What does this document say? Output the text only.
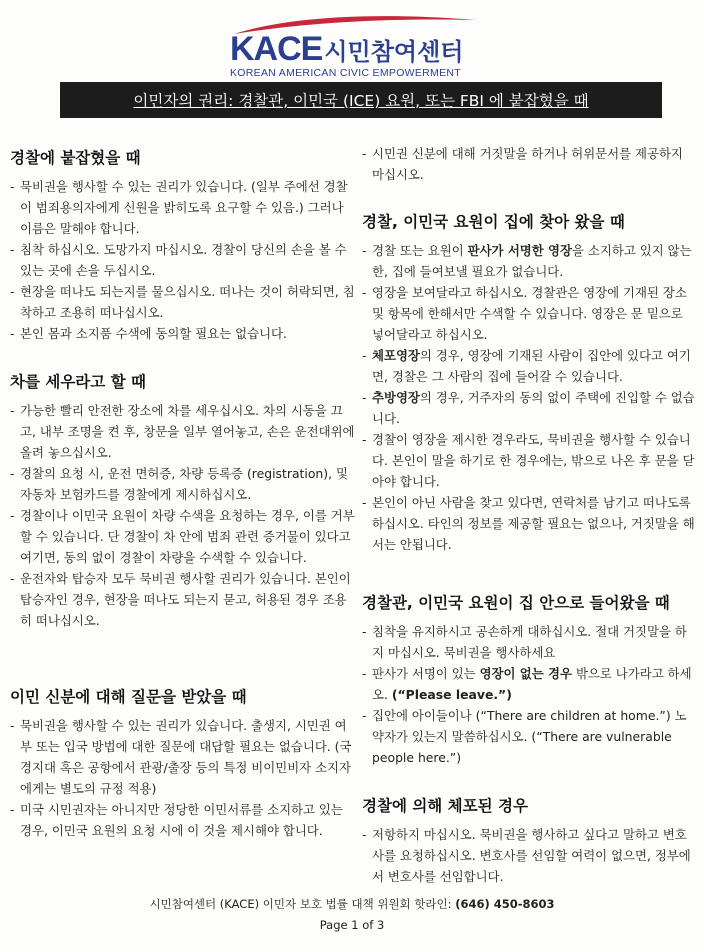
KACE시민참여센터
KOREAN AMERICAN CIVIC EMPOWERMENT
이민자의 권리: 경찰관, 이민국 (ICE) 요원, 또는 FBI 에 붙잡혔을 때
경찰에 붙잡혔을 때
- 묵비권을 행사할 수 있는 권리가 있습니다. (일부 주에선 경찰이 범죄용의자에게 신원을 밝히도록 요구할 수 있음.) 그러나 이름은 말해야 합니다.
- 침착 하십시오. 도망가지 마십시오. 경찰이 당신의 손을 볼 수 있는 곳에 손을 두십시오.
- 현장을 떠나도 되는지를 물으십시오. 떠나는 것이 허락되면, 침착하고 조용히 떠나십시오.
- 본인 몸과 소지품 수색에 동의할 필요는 없습니다.
차를 세우라고 할 때
- 가능한 빨리 안전한 장소에 차를 세우십시오. 차의 시동을 끄고, 내부 조명을 켠 후, 창문을 일부 열어놓고, 손은 운전대위에 올려 놓으십시오.
- 경찰의 요청 시, 운전 면허증, 차량 등록증 (registration), 및 자동차 보험카드를 경찰에게 제시하십시오.
- 경찰이나 이민국 요원이 차량 수색을 요청하는 경우, 이를 거부할 수 있습니다. 단 경찰이 차 안에 범죄 관련 증거물이 있다고 여기면, 동의 없이 경찰이 차량을 수색할 수 있습니다.
- 운전자와 탑승자 모두 묵비권 행사할 권리가 있습니다. 본인이 탑승자인 경우, 현장을 떠나도 되는지 묻고, 허용된 경우 조용히 떠나십시오.
이민 신분에 대해 질문을 받았을 때
- 묵비권을 행사할 수 있는 권리가 있습니다. 출생지, 시민권 여부 또는 입국 방법에 대한 질문에 대답할 필요는 없습니다. (국경지대 혹은 공항에서 관광/출장 등의 특정 비이민비자 소지자에게는 별도의 규정 적용)
- 미국 시민권자는 아니지만 정당한 이민서류를 소지하고 있는 경우, 이민국 요원의 요청 시에 이 것을 제시해야 합니다.
- 시민권 신분에 대해 거짓말을 하거나 허위문서를 제공하지 마십시오.
경찰, 이민국 요원이 집에 찾아 왔을 때
- 경찰 또는 요원이 판사가 서명한 영장을 소지하고 있지 않는 한, 집에 들여보낼 필요가 없습니다.
- 영장을 보여달라고 하십시오. 경찰관은 영장에 기재된 장소 및 항목에 한해서만 수색할 수 있습니다. 영장은 문 밑으로 넣어달라고 하십시오.
- 체포영장의 경우, 영장에 기재된 사람이 집안에 있다고 여기면, 경찰은 그 사람의 집에 들어갈 수 있습니다.
- 추방영장의 경우, 거주자의 동의 없이 주택에 진입할 수 없습니다.
- 경찰이 영장을 제시한 경우라도, 묵비권을 행사할 수 있습니다. 본인이 말을 하기로 한 경우에는, 밖으로 나온 후 문을 닫아야 합니다.
- 본인이 아닌 사람을 찾고 있다면, 연락처를 남기고 떠나도록 하십시오. 타인의 정보를 제공할 필요는 없으나, 거짓말을 해서는 안됩니다.
경찰관, 이민국 요원이 집 안으로 들어왔을 때
- 침착을 유지하시고 공손하게 대하십시오. 절대 거짓말을 하지 마십시오. 묵비권을 행사하세요
- 판사가 서명이 있는 영장이 없는 경우 밖으로 나가라고 하세오. (“Please leave.”)
- 집안에 아이들이나 (“There are children at home.”) 노약자가 있는지 말씀하십시오. (“There are vulnerable people here.”)
경찰에 의해 체포된 경우
- 저항하지 마십시오. 묵비권을 행사하고 싶다고 말하고 변호사를 요청하십시오. 변호사를 선임할 여력이 없으면, 정부에서 변호사를 선임합니다.
시민참여센터 (KACE) 이민자 보호 법률 대책 위원회 핫라인: (646) 450-8603
Page 1 of 3
